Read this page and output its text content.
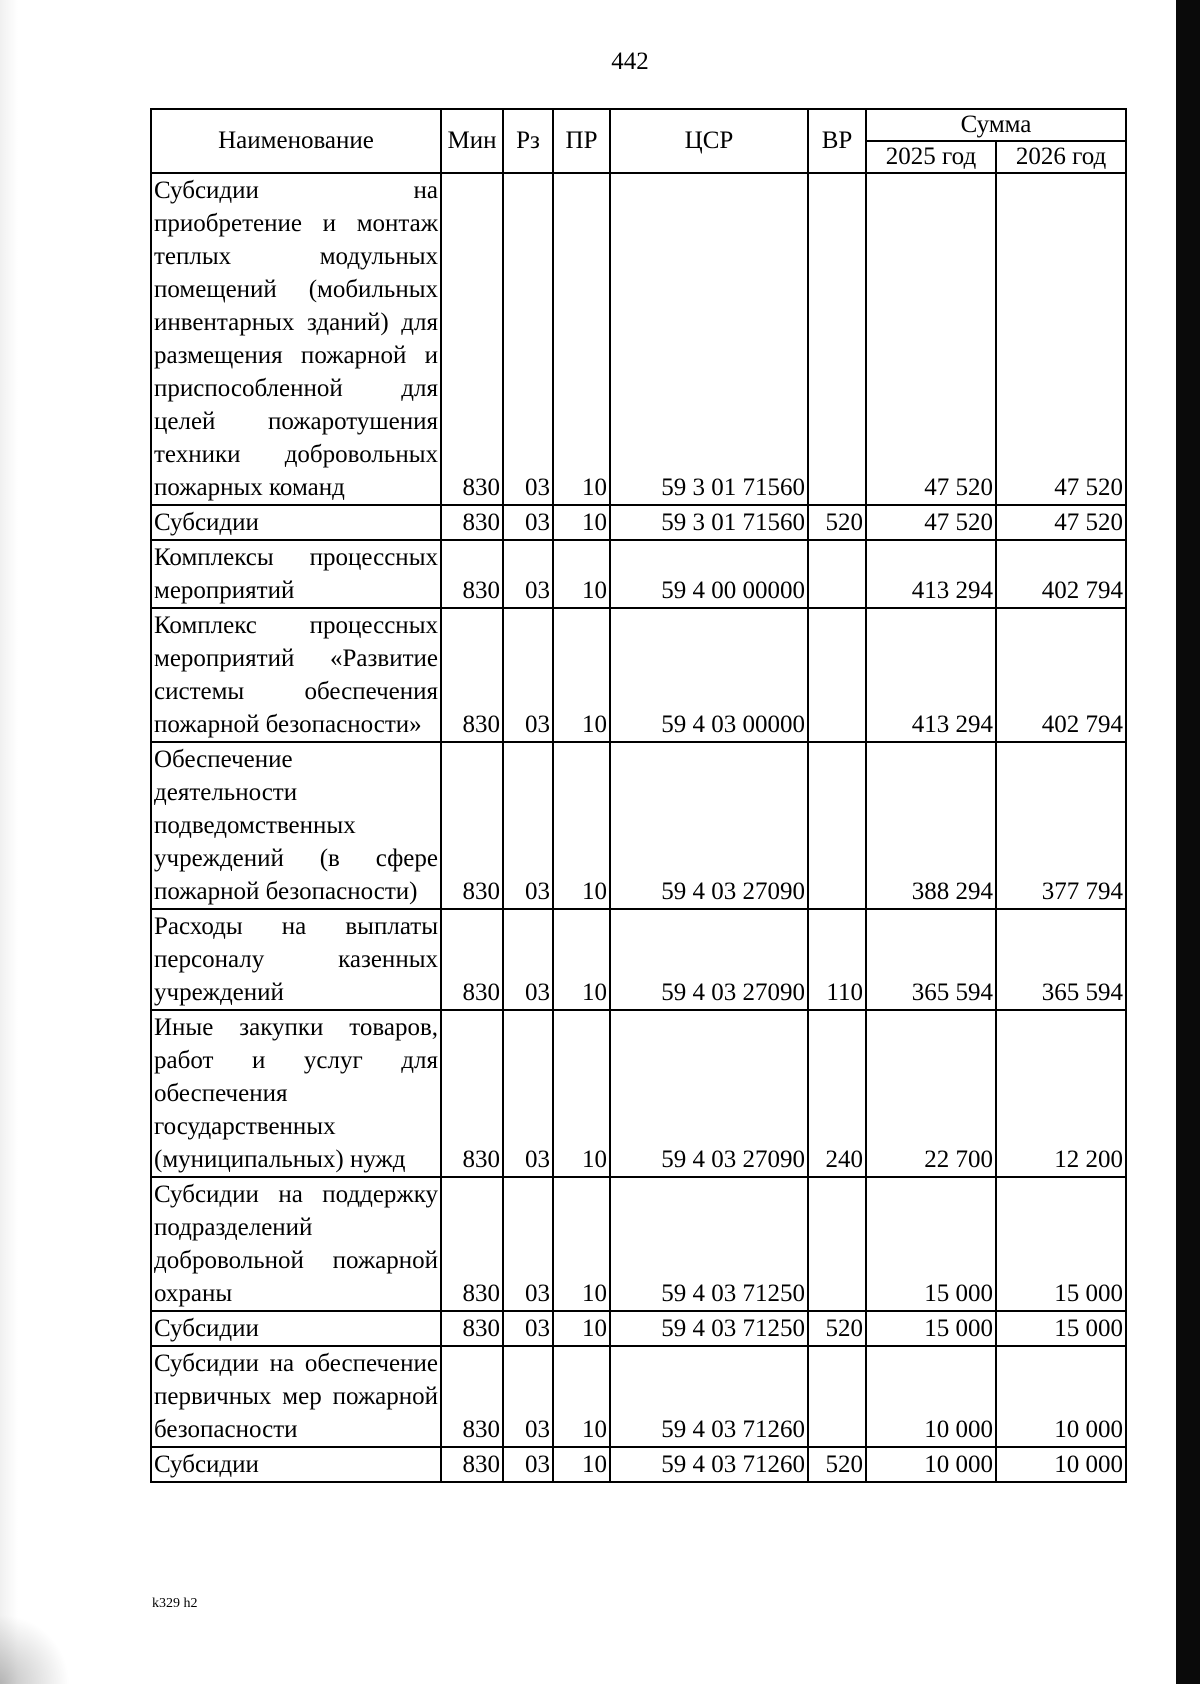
442
Наименование	Мин	Рз	ПР	ЦСР	ВР	Сумма	
						2025 год	2026 год
Субсидии на приобретение и монтаж теплых модульных помещений (мобильных инвентарных зданий) для размещения пожарной и приспособленной для целей пожаротушения техники добровольных пожарных команд	830	03	10	59 3 01 71560		47 520	47 520
Субсидии	830	03	10	59 3 01 71560	520	47 520	47 520
Комплексы процессных мероприятий	830	03	10	59 4 00 00000		413 294	402 794
Комплекс процессных мероприятий «Развитие системы обеспечения пожарной безопасности»	830	03	10	59 4 03 00000		413 294	402 794
Обеспечение деятельности подведомственных учреждений (в сфере пожарной безопасности)	830	03	10	59 4 03 27090		388 294	377 794
Расходы на выплаты персоналу казенных учреждений	830	03	10	59 4 03 27090	110	365 594	365 594
Иные закупки товаров, работ и услуг для обеспечения государственных (муниципальных) нужд	830	03	10	59 4 03 27090	240	22 700	12 200
Субсидии на поддержку подразделений добровольной пожарной охраны	830	03	10	59 4 03 71250		15 000	15 000
Субсидии	830	03	10	59 4 03 71250	520	15 000	15 000
Субсидии на обеспечение первичных мер пожарной безопасности	830	03	10	59 4 03 71260		10 000	10 000
Субсидии	830	03	10	59 4 03 71260	520	10 000	10 000
k329 h2
